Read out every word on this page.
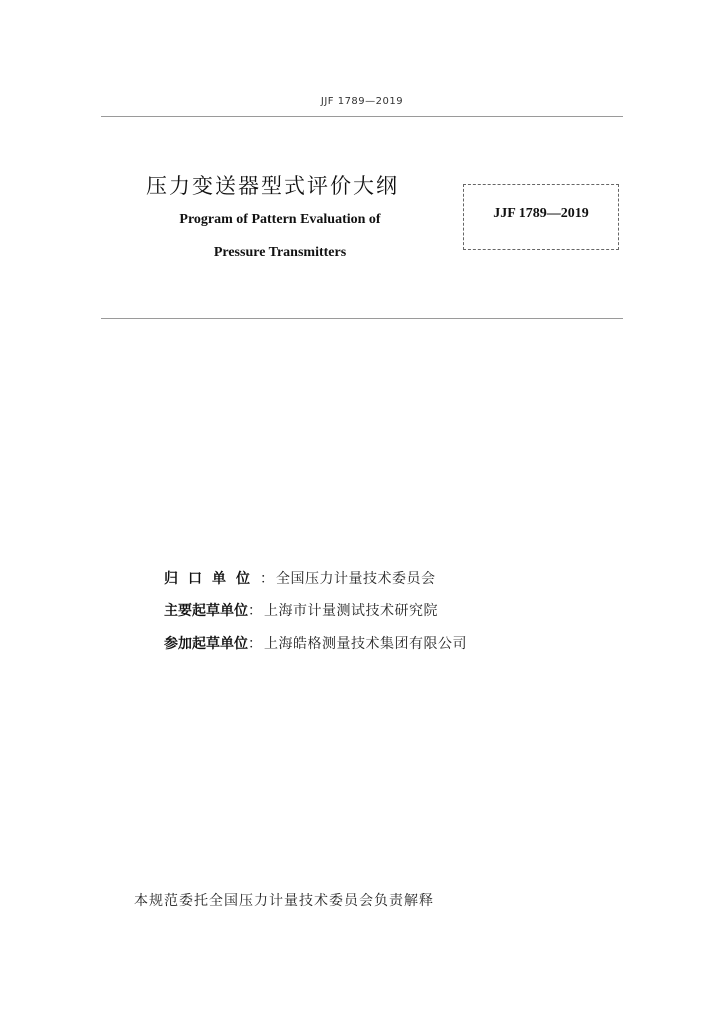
JJF 1789—2019
压力变送器型式评价大纲
Program of Pattern Evaluation of
Pressure Transmitters
JJF 1789—2019
归口单位 ： 全国压力计量技术委员会
主要起草单位 ： 上海市计量测试技术研究院
参加起草单位 ： 上海皓格测量技术集团有限公司
本规范委托全国压力计量技术委员会负责解释
